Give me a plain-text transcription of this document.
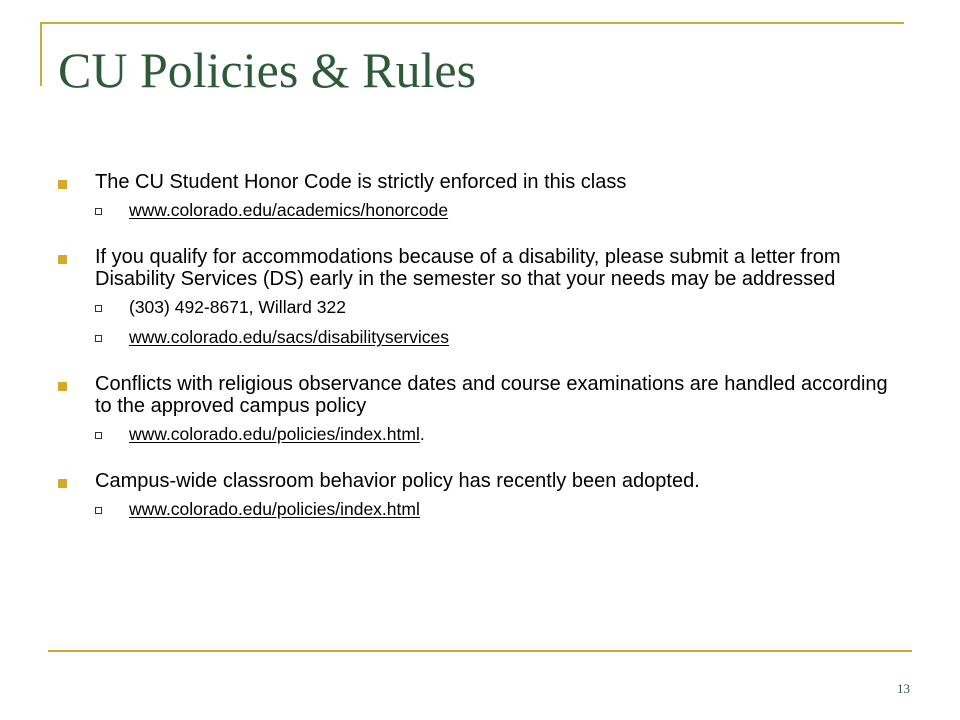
CU Policies & Rules
The CU Student Honor Code is strictly enforced in this class
www.colorado.edu/academics/honorcode
If you qualify for accommodations because of a disability, please submit a letter from Disability Services (DS) early in the semester so that your needs may be addressed
(303) 492-8671, Willard 322
www.colorado.edu/sacs/disabilityservices
Conflicts with religious observance dates and course examinations are handled according to the approved campus policy
www.colorado.edu/policies/index.html.
Campus-wide classroom behavior policy has recently been adopted.
www.colorado.edu/policies/index.html
13
